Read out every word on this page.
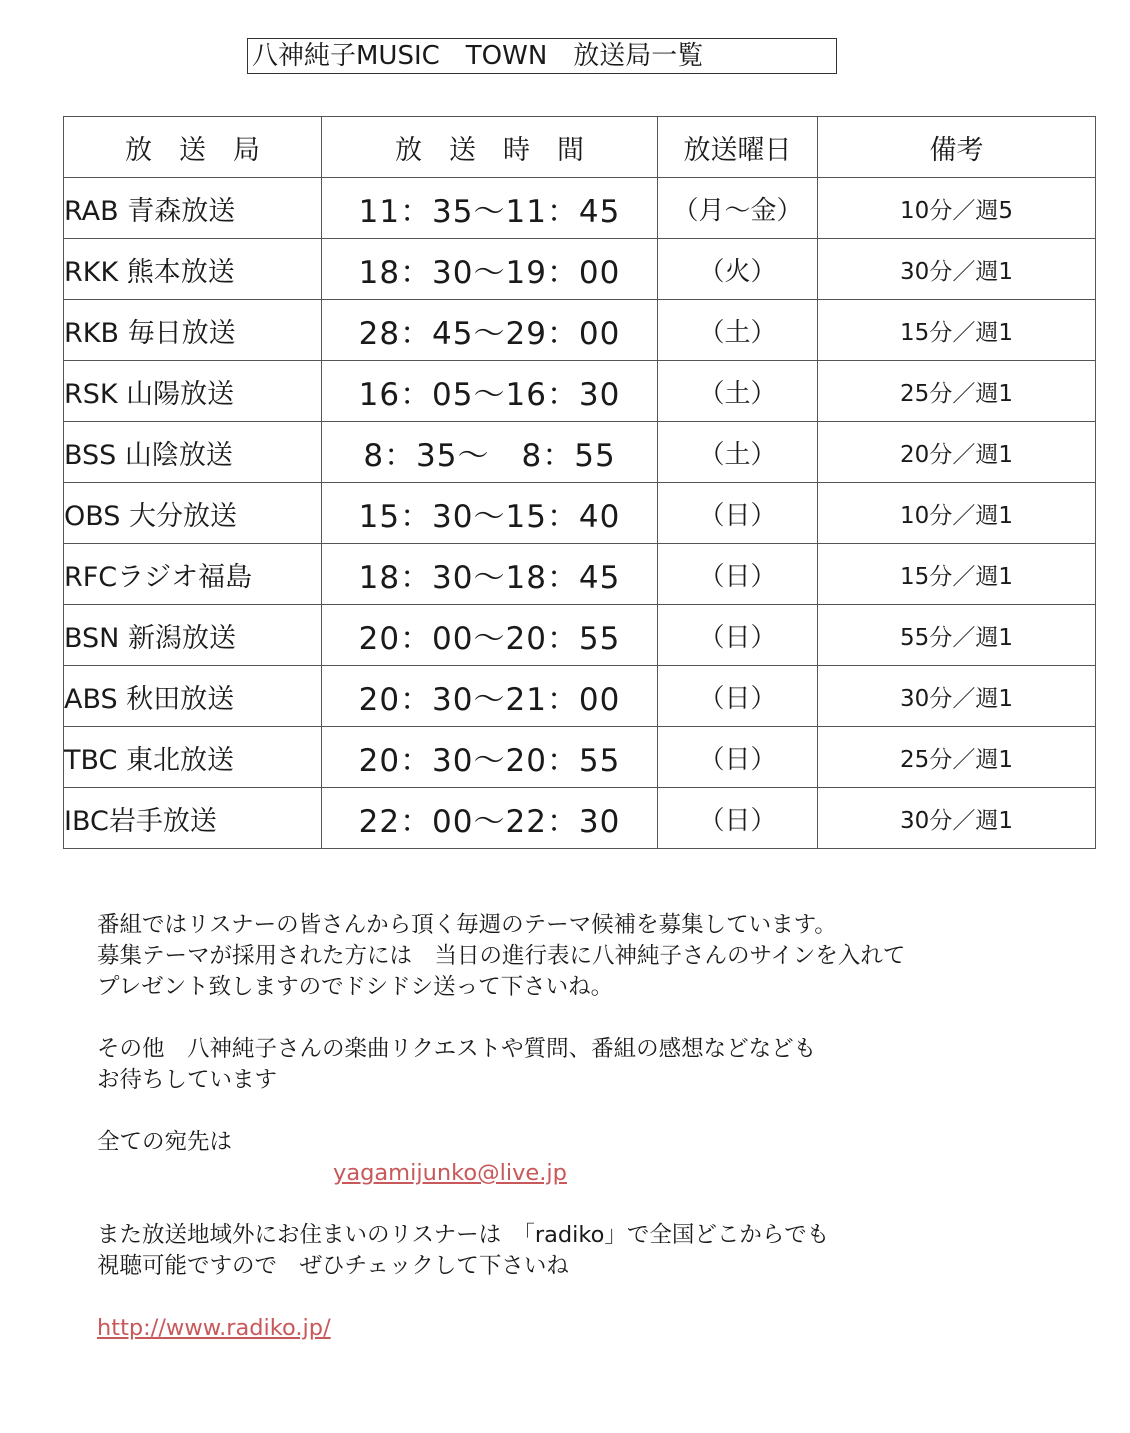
八神純子MUSIC　TOWN　放送局一覧
放　送　局	放　送　時　間	放送曜日	備考
RAB 青森放送	11：35～11：45	（月～金）	10分／週5
RKK 熊本放送	18：30～19：00	（火）	30分／週1
RKB 毎日放送	28：45～29：00	（土）	15分／週1
RSK 山陽放送	16：05～16：30	（土）	25分／週1
BSS 山陰放送	8：35～　8：55	（土）	20分／週1
OBS 大分放送	15：30～15：40	（日）	10分／週1
RFCラジオ福島	18：30～18：45	（日）	15分／週1
BSN 新潟放送	20：00～20：55	（日）	55分／週1
ABS 秋田放送	20：30～21：00	（日）	30分／週1
TBC 東北放送	20：30～20：55	（日）	25分／週1
IBC岩手放送	22：00～22：30	（日）	30分／週1

番組ではリスナーの皆さんから頂く毎週のテーマ候補を募集しています。

募集テーマが採用された方には　当日の進行表に八神純子さんのサインを入れて

プレゼント致しますのでドシドシ送って下さいね。

その他　八神純子さんの楽曲リクエストや質問、番組の感想などなども

お待ちしています

全ての宛先は

yagamijunko@live.jp

また放送地域外にお住まいのリスナーは　「radiko」で全国どこからでも

視聴可能ですので　ぜひチェックして下さいね

http://www.radiko.jp/
